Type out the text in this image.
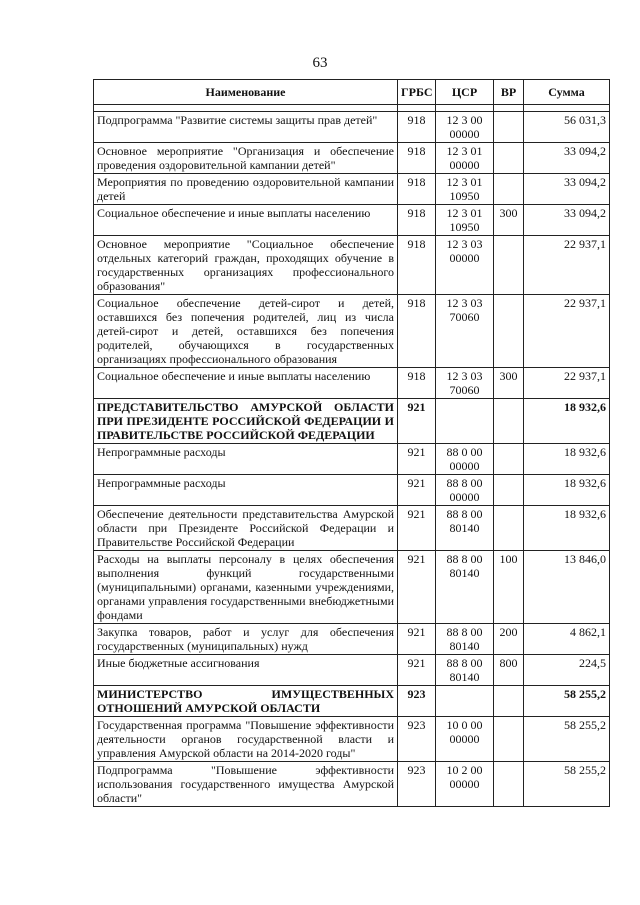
63
Наименование	ГРБС	ЦСР	ВР	Сумма

Подпрограмма "Развитие системы защиты прав детей"	918	12 3 00 00000		56 031,3
Основное мероприятие "Организация и обеспечение проведения оздоровительной кампании детей"	918	12 3 01 00000		33 094,2
Мероприятия по проведению оздоровительной кампании детей	918	12 3 01 10950		33 094,2
Социальное обеспечение и иные выплаты населению	918	12 3 01 10950	300	33 094,2
Основное мероприятие "Социальное обеспечение отдельных категорий граждан, проходящих обучение в государственных организациях профессионального образования"	918	12 3 03 00000		22 937,1
Социальное обеспечение детей-сирот и детей, оставшихся без попечения родителей, лиц из числа детей-сирот и детей, оставшихся без попечения родителей, обучающихся в государственных организациях профессионального образования	918	12 3 03 70060		22 937,1
Социальное обеспечение и иные выплаты населению	918	12 3 03 70060	300	22 937,1
ПРЕДСТАВИТЕЛЬСТВО АМУРСКОЙ ОБЛАСТИ ПРИ ПРЕЗИДЕНТЕ РОССИЙСКОЙ ФЕДЕРАЦИИ И ПРАВИТЕЛЬСТВЕ РОССИЙСКОЙ ФЕДЕРАЦИИ	921			18 932,6
Непрограммные расходы	921	88 0 00 00000		18 932,6
Непрограммные расходы	921	88 8 00 00000		18 932,6
Обеспечение деятельности представительства Амурской области при Президенте Российской Федерации и Правительстве Российской Федерации	921	88 8 00 80140		18 932,6
Расходы на выплаты персоналу в целях обеспечения выполнения функций государственными (муниципальными) органами, казенными учреждениями, органами управления государственными внебюджетными фондами	921	88 8 00 80140	100	13 846,0
Закупка товаров, работ и услуг для обеспечения государственных (муниципальных) нужд	921	88 8 00 80140	200	4 862,1
Иные бюджетные ассигнования	921	88 8 00 80140	800	224,5
МИНИСТЕРСТВО ИМУЩЕСТВЕННЫХ ОТНОШЕНИЙ АМУРСКОЙ ОБЛАСТИ	923			58 255,2
Государственная программа "Повышение эффективности деятельности органов государственной власти и управления Амурской области на 2014-2020 годы"	923	10 0 00 00000		58 255,2
Подпрограмма "Повышение эффективности использования государственного имущества Амурской области"	923	10 2 00 00000		58 255,2
